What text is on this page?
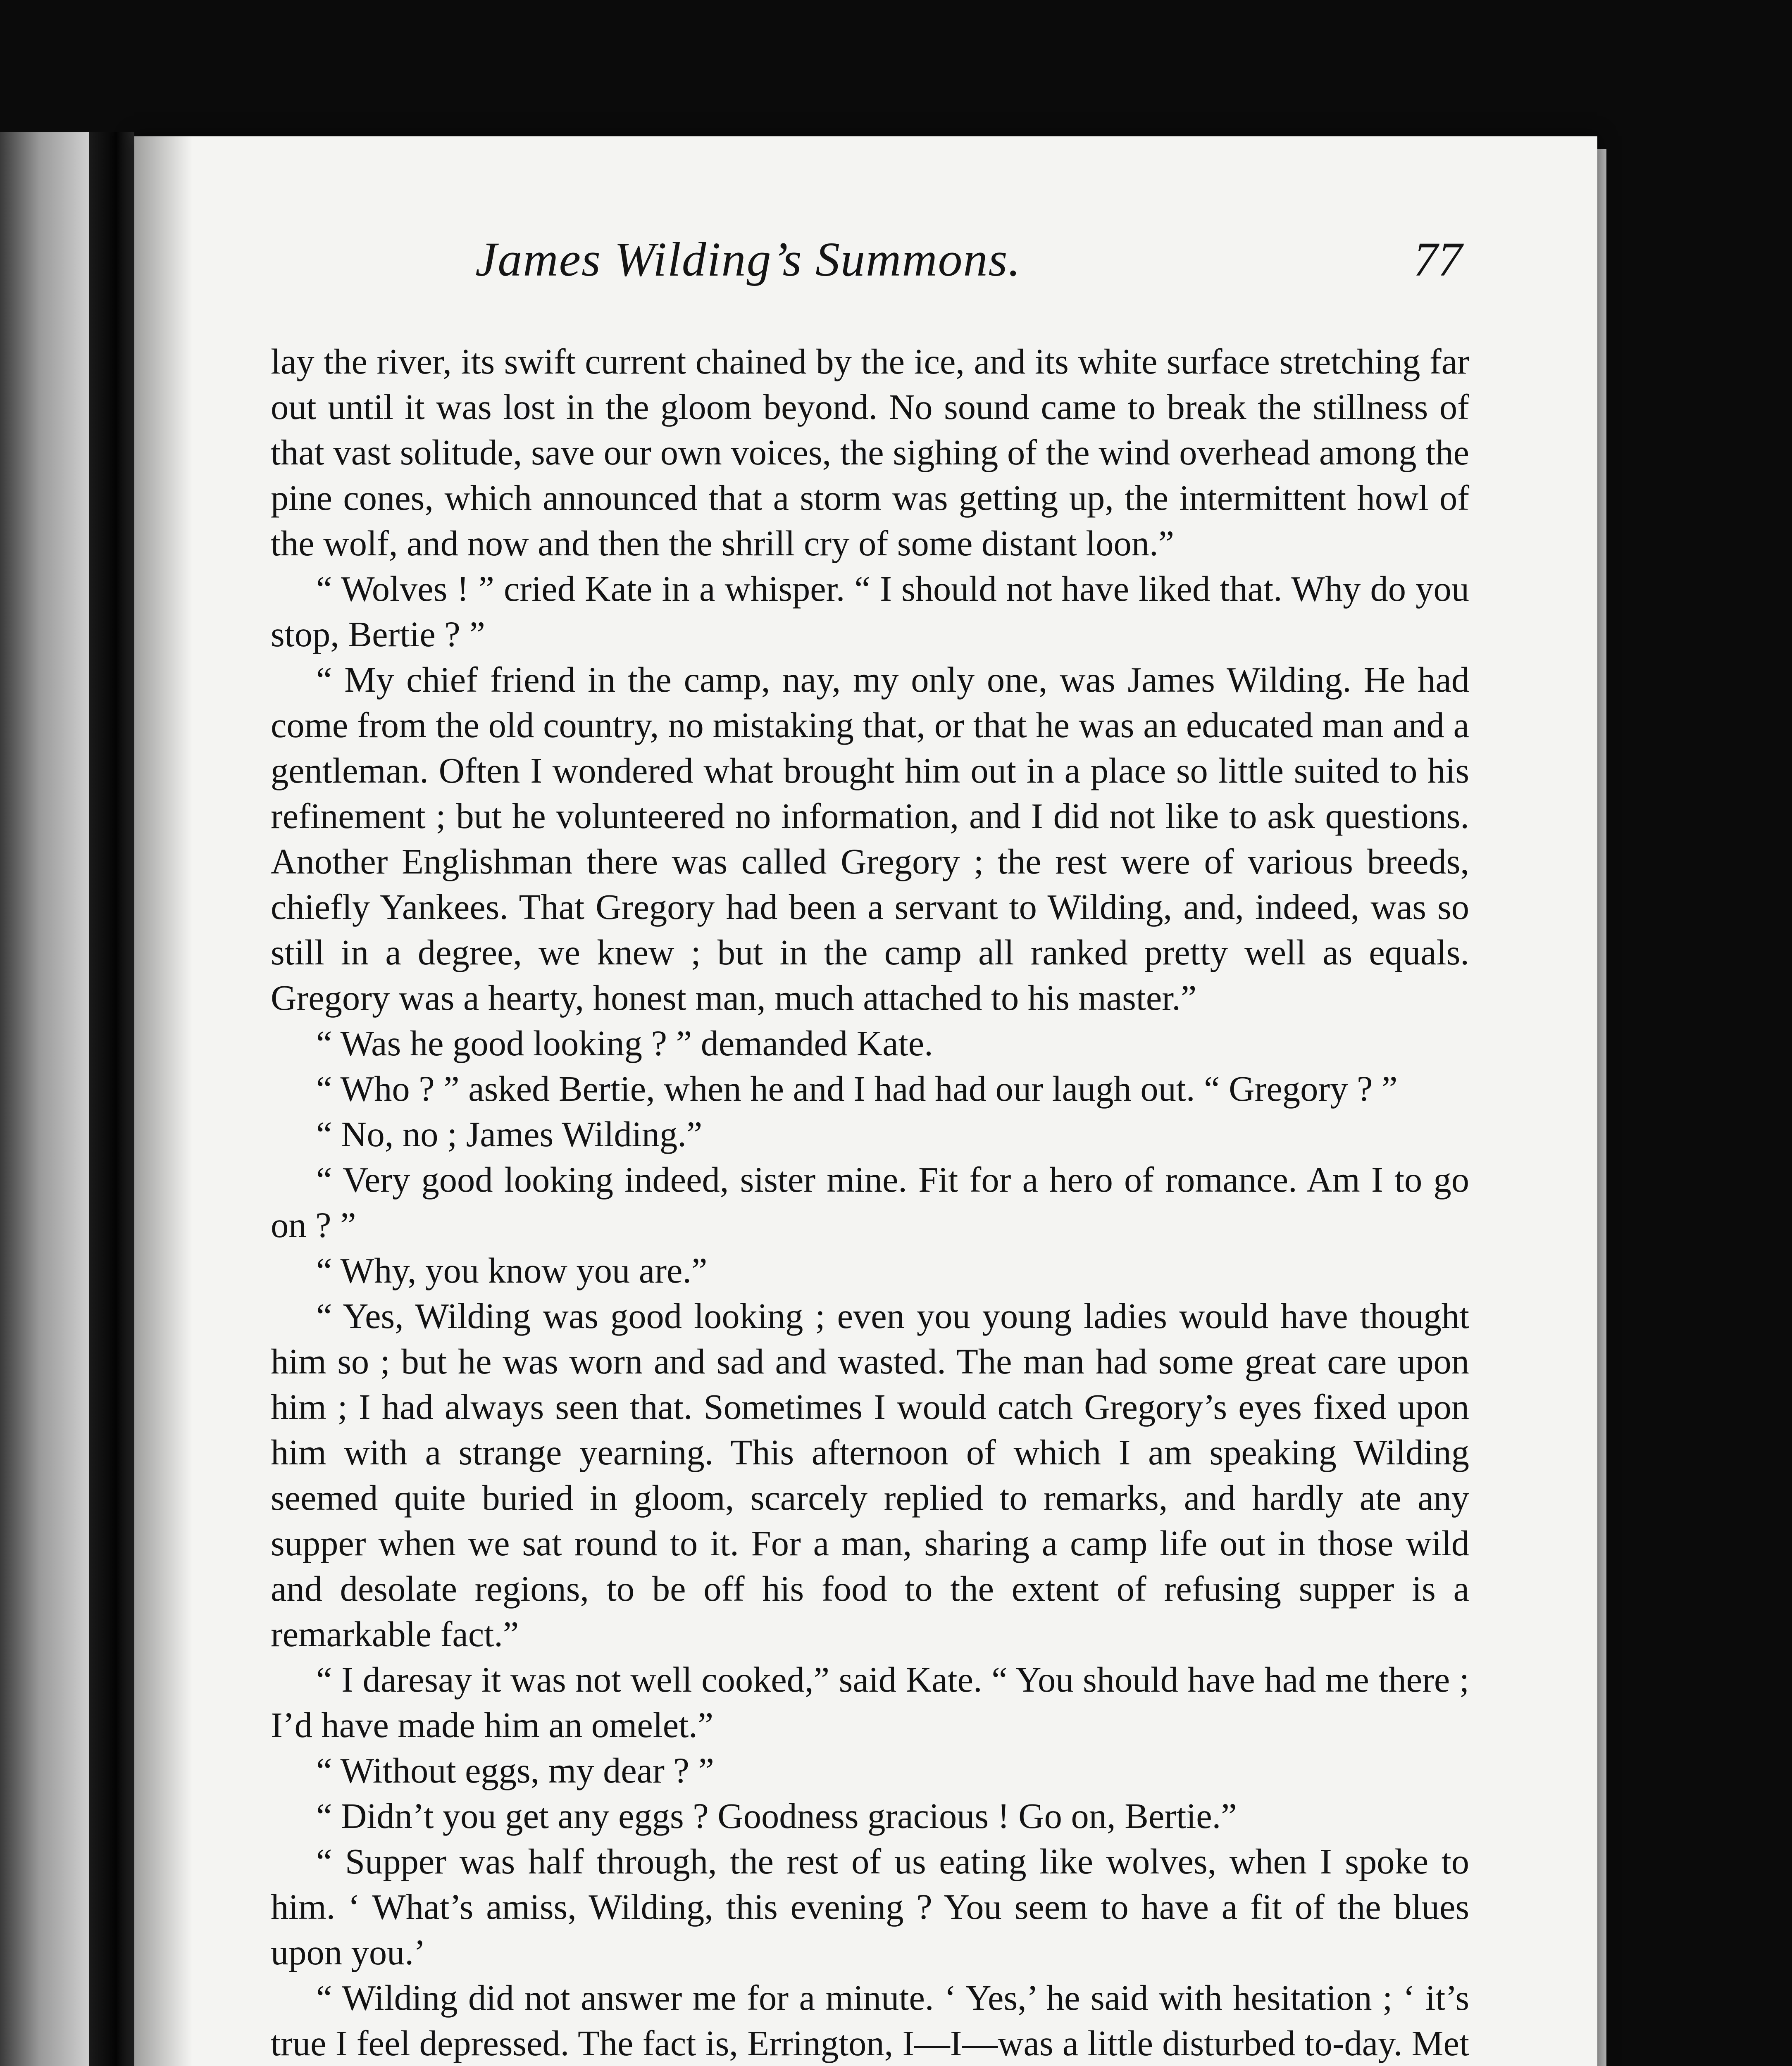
James Wilding’s Summons.	77

lay the river, its swift current chained by the ice, and its white surface stretching far out until it was lost in the gloom beyond. No sound came to break the stillness of that vast solitude, save our own voices, the sighing of the wind overhead among the pine cones, which announced that a storm was getting up, the intermittent howl of the wolf, and now and then the shrill cry of some distant loon.”

“ Wolves ! ” cried Kate in a whisper. “ I should not have liked that. Why do you stop, Bertie ? ”

“ My chief friend in the camp, nay, my only one, was James Wilding. He had come from the old country, no mistaking that, or that he was an educated man and a gentleman. Often I wondered what brought him out in a place so little suited to his refinement ; but he volunteered no information, and I did not like to ask questions. Another Englishman there was called Gregory ; the rest were of various breeds, chiefly Yankees. That Gregory had been a servant to Wilding, and, indeed, was so still in a degree, we knew ; but in the camp all ranked pretty well as equals. Gregory was a hearty, honest man, much attached to his master.”

“ Was he good looking ? ” demanded Kate.

“ Who ? ” asked Bertie, when he and I had had our laugh out. “ Gregory ? ”

“ No, no ; James Wilding.”

“ Very good looking indeed, sister mine. Fit for a hero of romance. Am I to go on ? ”

“ Why, you know you are.”

“ Yes, Wilding was good looking ; even you young ladies would have thought him so ; but he was worn and sad and wasted. The man had some great care upon him ; I had always seen that. Sometimes I would catch Gregory’s eyes fixed upon him with a strange yearning. This afternoon of which I am speaking Wilding seemed quite buried in gloom, scarcely replied to remarks, and hardly ate any supper when we sat round to it. For a man, sharing a camp life out in those wild and desolate regions, to be off his food to the extent of refusing supper is a remarkable fact.”

“ I daresay it was not well cooked,” said Kate. “ You should have had me there ; I’d have made him an omelet.”

“ Without eggs, my dear ? ”

“ Didn’t you get any eggs ? Goodness gracious ! Go on, Bertie.”

“ Supper was half through, the rest of us eating like wolves, when I spoke to him. ‘ What’s amiss, Wilding, this evening ? You seem to have a fit of the blues upon you.’

“ Wilding did not answer me for a minute. ‘ Yes,’ he said with hesitation ; ‘ it’s true I feel depressed. The fact is, Errington, I—I—was a little disturbed to-day. Met
